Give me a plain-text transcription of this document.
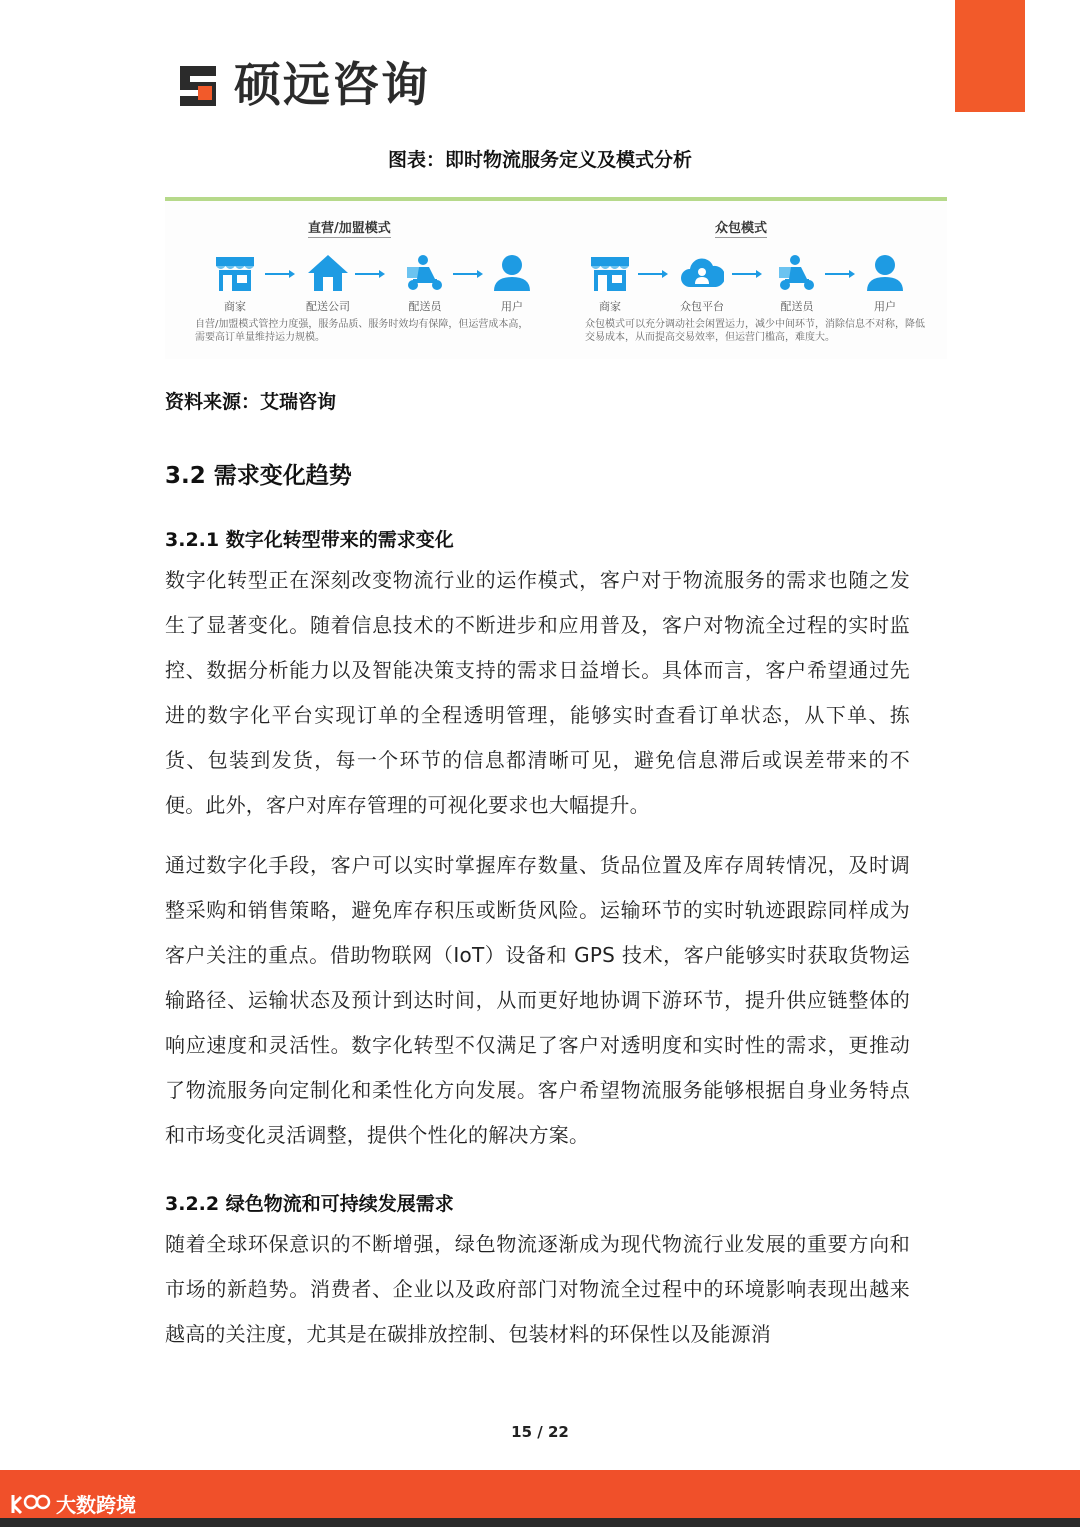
硕远咨询
图表：即时物流服务定义及模式分析
直营/加盟模式
商家	配送公司	配送员	用户
自营/加盟模式管控力度强，服务品质、服务时效均有保障，但运营成本高，需要高订单量维持运力规模。
众包模式
商家	众包平台	配送员	用户
众包模式可以充分调动社会闲置运力，减少中间环节，消除信息不对称，降低交易成本，从而提高交易效率，但运营门槛高，难度大。
资料来源：艾瑞咨询
3.2 需求变化趋势
3.2.1 数字化转型带来的需求变化

数字化转型正在深刻改变物流行业的运作模式，客户对于物流服务的需求也随之发生了显著变化。随着信息技术的不断进步和应用普及，客户对物流全过程的实时监控、数据分析能力以及智能决策支持的需求日益增长。具体而言，客户希望通过先进的数字化平台实现订单的全程透明管理，能够实时查看订单状态，从下单、拣货、包装到发货，每一个环节的信息都清晰可见，避免信息滞后或误差带来的不便。此外，客户对库存管理的可视化要求也大幅提升。

通过数字化手段，客户可以实时掌握库存数量、货品位置及库存周转情况，及时调整采购和销售策略，避免库存积压或断货风险。运输环节的实时轨迹跟踪同样成为客户关注的重点。借助物联网（IoT）设备和 GPS 技术，客户能够实时获取货物运输路径、运输状态及预计到达时间，从而更好地协调下游环节，提升供应链整体的响应速度和灵活性。数字化转型不仅满足了客户对透明度和实时性的需求，更推动了物流服务向定制化和柔性化方向发展。客户希望物流服务能够根据自身业务特点和市场变化灵活调整，提供个性化的解决方案。

3.2.2 绿色物流和可持续发展需求

随着全球环保意识的不断增强，绿色物流逐渐成为现代物流行业发展的重要方向和市场的新趋势。消费者、企业以及政府部门对物流全过程中的环境影响表现出越来越高的关注度，尤其是在碳排放控制、包装材料的环保性以及能源消

15 / 22
大数跨境
